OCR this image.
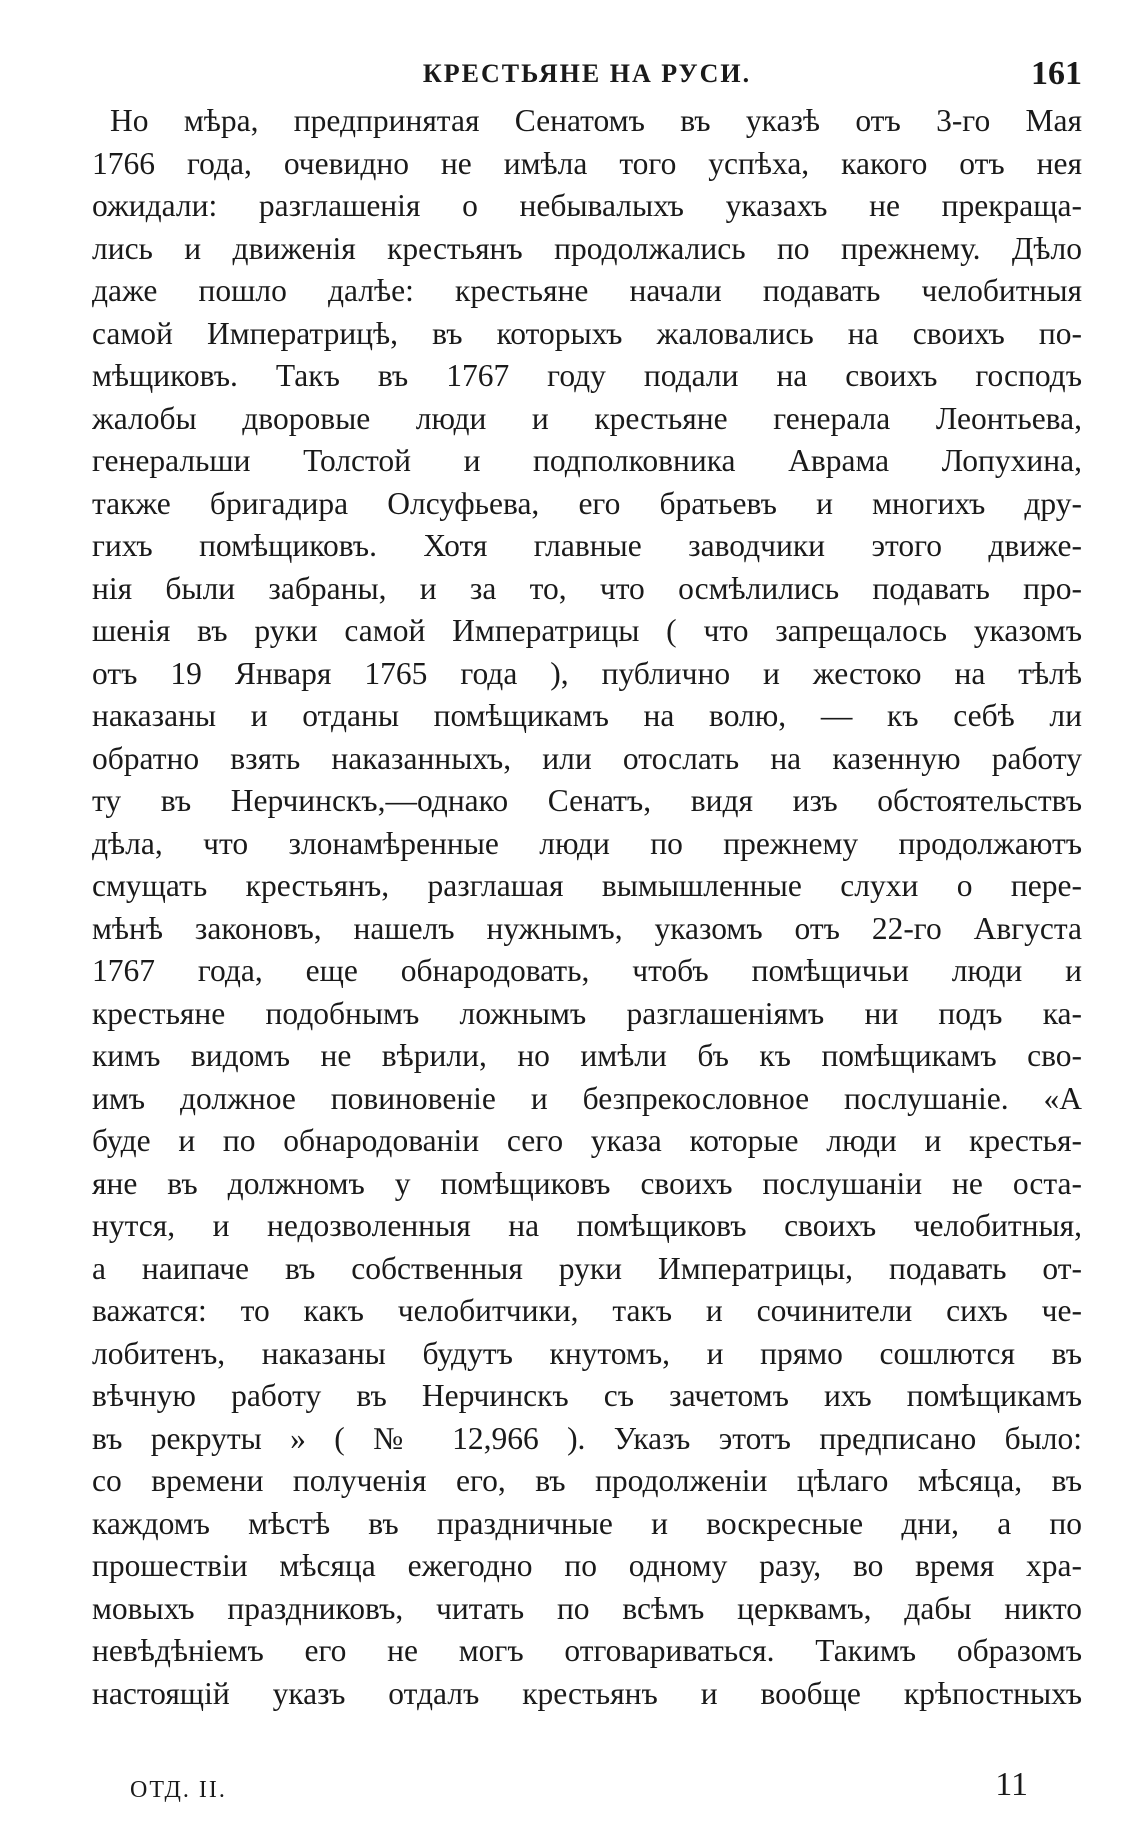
КРЕСТЬЯНЕ НА РУСИ.	161
Но мѣра, предпринятая Сенатомъ въ указѣ отъ 3-го Мая
1766 года, очевидно не имѣла того успѣха, какого отъ нея
ожидали: разглашенія о небывалыхъ указахъ не прекраща-
лись и движенія крестьянъ продолжались по прежнему. Дѣло
даже пошло далѣе: крестьяне начали подавать челобитныя
самой Императрицѣ, въ которыхъ жаловались на своихъ по-
мѣщиковъ. Такъ въ 1767 году подали на своихъ господъ
жалобы дворовые люди и крестьяне генерала Леонтьева,
генеральши Толстой и подполковника Аврама Лопухина,
также бригадира Олсуфьева, его братьевъ и многихъ дру-
гихъ помѣщиковъ. Хотя главные заводчики этого движе-
нія были забраны, и за то, что осмѣлились подавать про-
шенія въ руки самой Императрицы ( что запрещалось указомъ
отъ 19 Января 1765 года ), публично и жестоко на тѣлѣ
наказаны и отданы помѣщикамъ на волю, — къ себѣ ли
обратно взять наказанныхъ, или отослать на казенную работу
ту въ Нерчинскъ,—однако Сенатъ, видя изъ обстоятельствъ
дѣла, что злонамѣренные люди по прежнему продолжаютъ
смущать крестьянъ, разглашая вымышленные слухи о пере-
мѣнѣ законовъ, нашелъ нужнымъ, указомъ отъ 22-го Августа
1767 года, еще обнародовать, чтобъ помѣщичьи люди и
крестьяне подобнымъ ложнымъ разглашеніямъ ни подъ ка-
кимъ видомъ не вѣрили, но имѣли бъ къ помѣщикамъ сво-
имъ должное повиновеніе и безпрекословное послушаніе. «А
буде и по обнародованіи сего указа которые люди и крестья-
яне въ должномъ у помѣщиковъ своихъ послушаніи не оста-
нутся, и недозволенныя на помѣщиковъ своихъ челобитныя,
а наипаче въ собственныя руки Императрицы, подавать от-
важатся: то какъ челобитчики, такъ и сочинители сихъ че-
лобитенъ, наказаны будутъ кнутомъ, и прямо сошлются въ
вѣчную работу въ Нерчинскъ съ зачетомъ ихъ помѣщикамъ
въ рекруты » ( № 12,966 ). Указъ этотъ предписано было:
со времени полученія его, въ продолженіи цѣлаго мѣсяца, въ
каждомъ мѣстѣ въ праздничные и воскресные дни, а по
прошествіи мѣсяца ежегодно по одному разу, во время хра-
мовыхъ праздниковъ, читать по всѣмъ церквамъ, дабы никто
невѣдѣніемъ его не могъ отговариваться. Такимъ образомъ
настоящій указъ отдалъ крестьянъ и вообще крѣпостныхъ
ОТД. II.	11
